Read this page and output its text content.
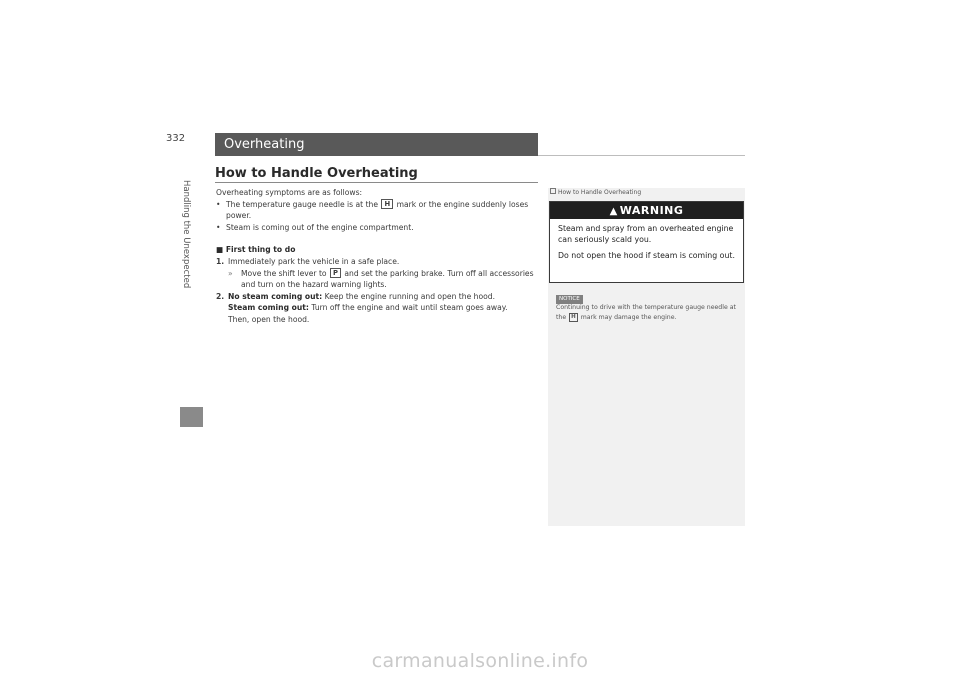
Handling the Unexpected
332	Overheating
How to Handle Overheating

Overheating symptoms are as follows:

• The temperature gauge needle is at the H mark or the engine suddenly loses power.
• Steam is coming out of the engine compartment.

■ First thing to do

1. Immediately park the vehicle in a safe place.
»	Move the shift lever to P and set the parking brake. Turn off all accessories and turn on the hazard warning lights.
2. No steam coming out: Keep the engine running and open the hood.
Steam coming out: Turn off the engine and wait until steam goes away.
Then, open the hood.
How to Handle Overheating
▲ WARNING

Steam and spray from an overheated engine can seriously scald you.

Do not open the hood if steam is coming out.

NOTICE
Continuing to drive with the temperature gauge needle at the H mark may damage the engine.
carmanualsonline.info
